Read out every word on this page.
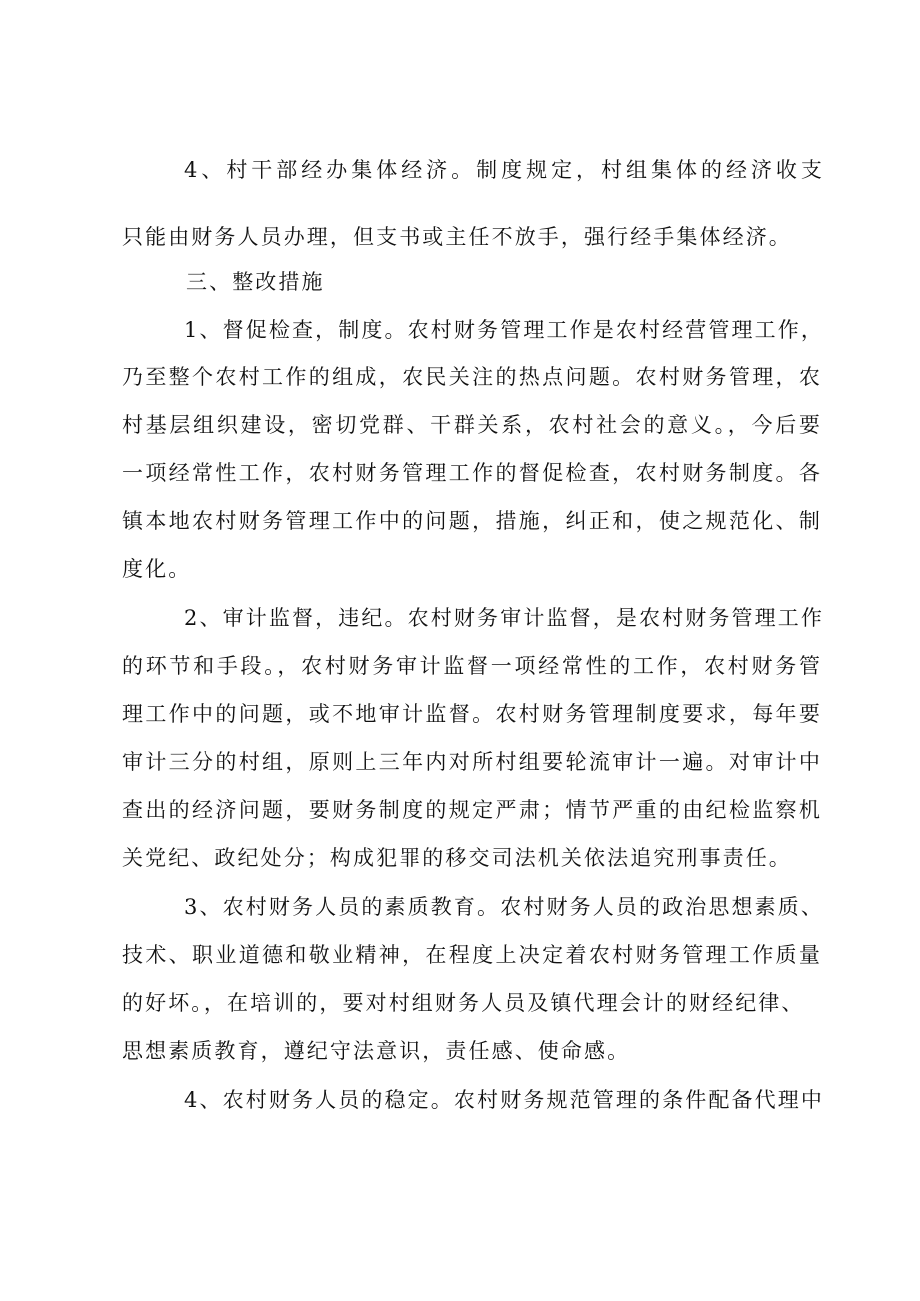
4、村干部经办集体经济。制度规定，村组集体的经济收支
只能由财务人员办理，但支书或主任不放手，强行经手集体经济。
三、整改措施
1、督促检查，制度。农村财务管理工作是农村经营管理工作，
乃至整个农村工作的组成，农民关注的热点问题。农村财务管理，农
村基层组织建设，密切党群、干群关系，农村社会的意义。，今后要
一项经常性工作，农村财务管理工作的督促检查，农村财务制度。各
镇本地农村财务管理工作中的问题，措施，纠正和，使之规范化、制
度化。
2、审计监督，违纪。农村财务审计监督，是农村财务管理工作
的环节和手段。，农村财务审计监督一项经常性的工作，农村财务管
理工作中的问题，或不地审计监督。农村财务管理制度要求，每年要
审计三分的村组，原则上三年内对所村组要轮流审计一遍。对审计中
查出的经济问题，要财务制度的规定严肃；情节严重的由纪检监察机
关党纪、政纪处分；构成犯罪的移交司法机关依法追究刑事责任。
3、农村财务人员的素质教育。农村财务人员的政治思想素质、
技术、职业道德和敬业精神，在程度上决定着农村财务管理工作质量
的好坏。，在培训的，要对村组财务人员及镇代理会计的财经纪律、
思想素质教育，遵纪守法意识，责任感、使命感。
4、农村财务人员的稳定。农村财务规范管理的条件配备代理中
